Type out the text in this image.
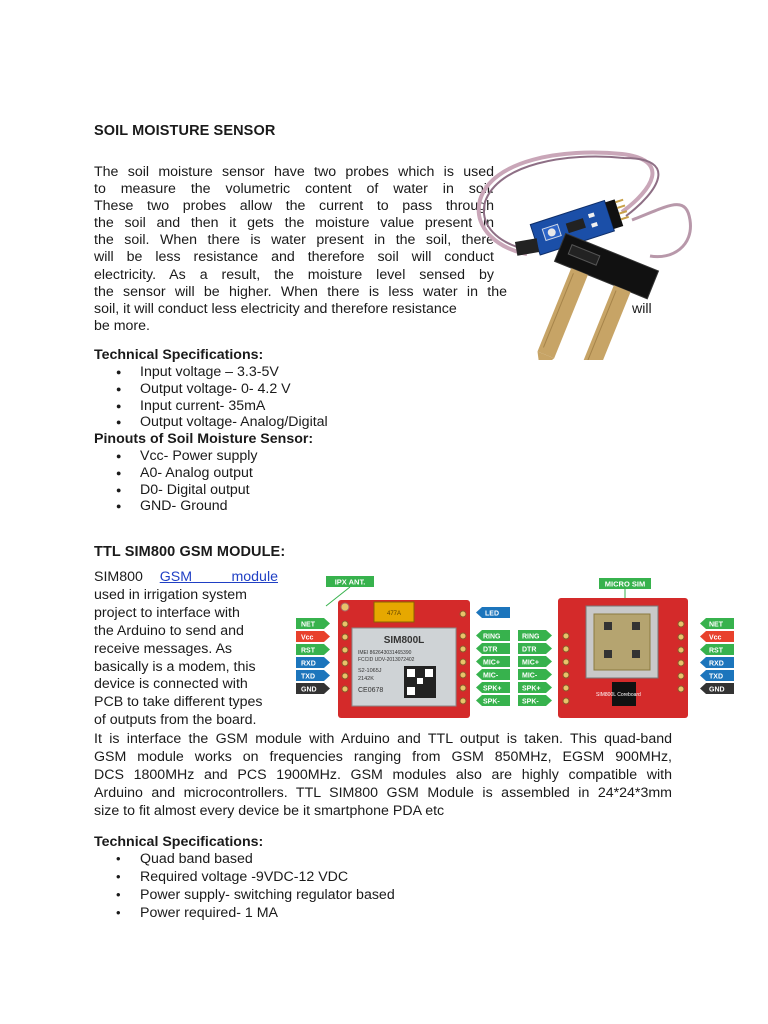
SOIL MOISTURE SENSOR
The soil moisture sensor have two probes which is used
to measure the volumetric content of water in soil.
These two probes allow the current to pass through
the soil and then it gets the moisture value present in
the soil. When there is water present in the soil, there
will be less resistance and therefore soil will conduct
electricity. As a result, the moisture level sensed by
the sensor will be higher. When there is less water in the
soil, it will conduct less electricity and therefore resistance	will
be more.
Technical Specifications:
● Input voltage – 3.3-5V
● Output voltage- 0- 4.2 V
● Input current- 35mA
● Output voltage- Analog/Digital
Pinouts of Soil Moisture Sensor:
● Vcc- Power supply
● A0- Analog output
● D0- Digital output
● GND- Ground
TTL SIM800 GSM MODULE:
SIM800 GSM	module
used in irrigation system
project to interface with
the Arduino to send and
receive messages. As
basically is a modem, this
device is connected with
PCB to take different types
of outputs from the board.
IPX ANT.	MICRO SIM
NET
Vcc
RST
RXD
TXD
GND
477A
SIM800L
IMEI 862643031465390
FCCID UDV-2013072402
S2-1065J
2142K
CE0678
LED
RING
DTR
MIC+
MIC-
SPK+
SPK-
RING
DTR
MIC+
MIC-
SPK+
SPK-
SIM800L Coreboard
NET
Vcc
RST
RXD
TXD
GND
It is interface the GSM module with Arduino and TTL output is taken. This quad-band
GSM module works on frequencies ranging from GSM 850MHz, EGSM 900MHz,
DCS 1800MHz and PCS 1900MHz. GSM modules also are highly compatible with
Arduino and microcontrollers. TTL SIM800 GSM Module is assembled in 24*24*3mm
size to fit almost every device be it smartphone PDA etc
Technical Specifications:
• Quad band based
• Required voltage -9VDC-12 VDC
• Power supply- switching regulator based
• Power required- 1 MA
